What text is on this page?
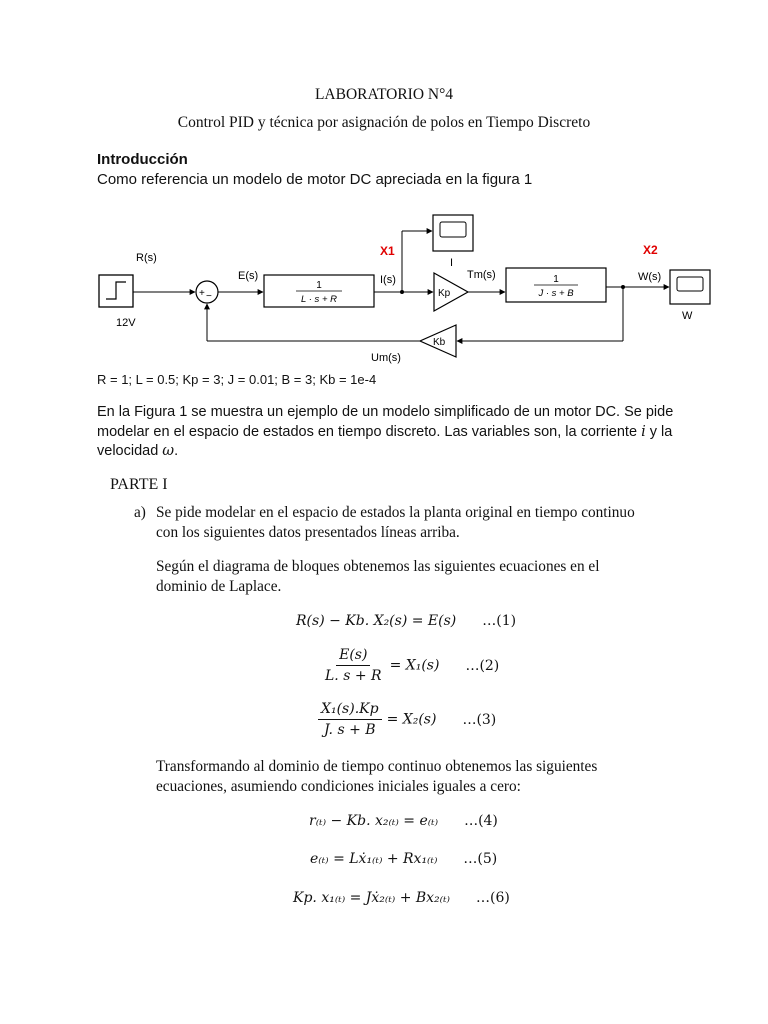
LABORATORIO N°4
Control PID y técnica por asignación de polos en Tiempo Discreto
Introducción
Como referencia un modelo de motor DC apreciada en la figura 1
R(s)
12V
+ −
E(s)
1
L · s + R
I(s)
X1
I
Kp
Tm(s)	1
J · s + B
W(s)
X2
W
Kb
Um(s)
R = 1; L = 0.5; Kp = 3; J = 0.01; B = 3; Kb = 1e-4
En la Figura 1 se muestra un ejemplo de un modelo simplificado de un motor DC. Se pide
modelar en el espacio de estados en tiempo discreto. Las variables son, la corriente i y la
velocidad ω.
PARTE I
a) Se pide modelar en el espacio de estados la planta original en tiempo continuo
con los siguientes datos presentados líneas arriba.
Según el diagrama de bloques obtenemos las siguientes ecuaciones en el
dominio de Laplace.
R(s) − Kb. X₂(s) = E(s) …(1)
$\frac{E(s)}{L. s + R} = X_1(s)$ …(2)
$\frac{\text{X₁(s).Kp}}{J. s + B} = X_2(s)$ …(3)
Transformando al dominio de tiempo continuo obtenemos las siguientes
ecuaciones, asumiendo condiciones iniciales iguales a cero:
r₍ₜ₎ − Kb. x₂₍ₜ₎ = e₍ₜ₎ …(4)
e₍ₜ₎ = Lẋ₁₍ₜ₎ + Rx₁₍ₜ₎ …(5)
Kp. x₁₍ₜ₎ = Jẋ₂₍ₜ₎ + Bx₂₍ₜ₎ …(6)
